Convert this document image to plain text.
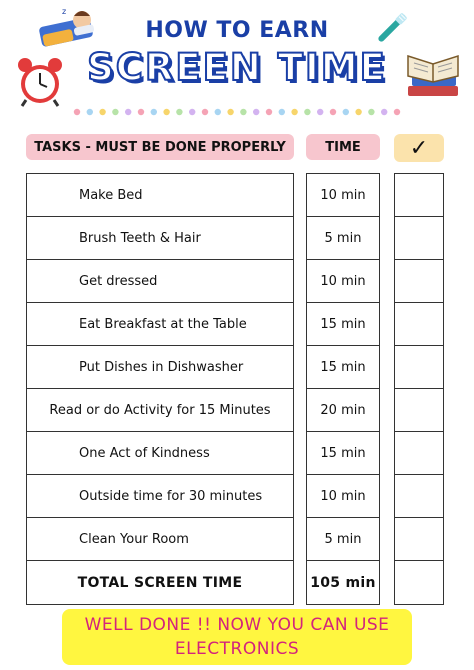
z
HOW TO EARN
SCREEN TIME
TASKS - MUST BE DONE PROPERLY	TIME ✓
Make Bed
Brush Teeth & Hair
Get dressed
Eat Breakfast at the Table
Put Dishes in Dishwasher
Read or do Activity for 15 Minutes
One Act of Kindness
Outside time for 30 minutes
Clean Your Room
TOTAL SCREEN TIME
10 min
5 min
10 min
15 min
15 min
20 min
15 min
10 min
5 min
105 min
WELL DONE !! NOW YOU CAN USE
ELECTRONICS
